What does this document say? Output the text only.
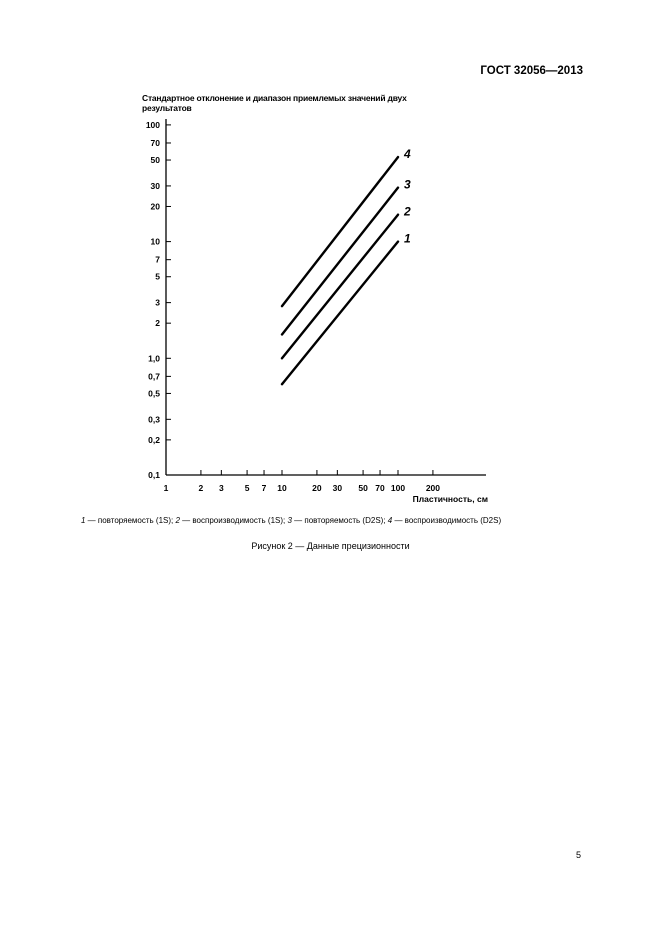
ГОСТ 32056—2013
Стандартное отклонение и диапазон приемлемых значений двух результатов
0,1
0,2
0,3
0,5
0,7
1,0
2
3
5
7
10
20
30
50
70
100
1	2 3 5 7 10	20 30 50 70 100 200
Пластичность, см
1
2
3
4
1 — повторяемость (1S); 2 — воспроизводимость (1S); 3 — повторяемость (D2S); 4 — воспроизводимость (D2S)
Рисунок 2 — Данные прецизионности
5
